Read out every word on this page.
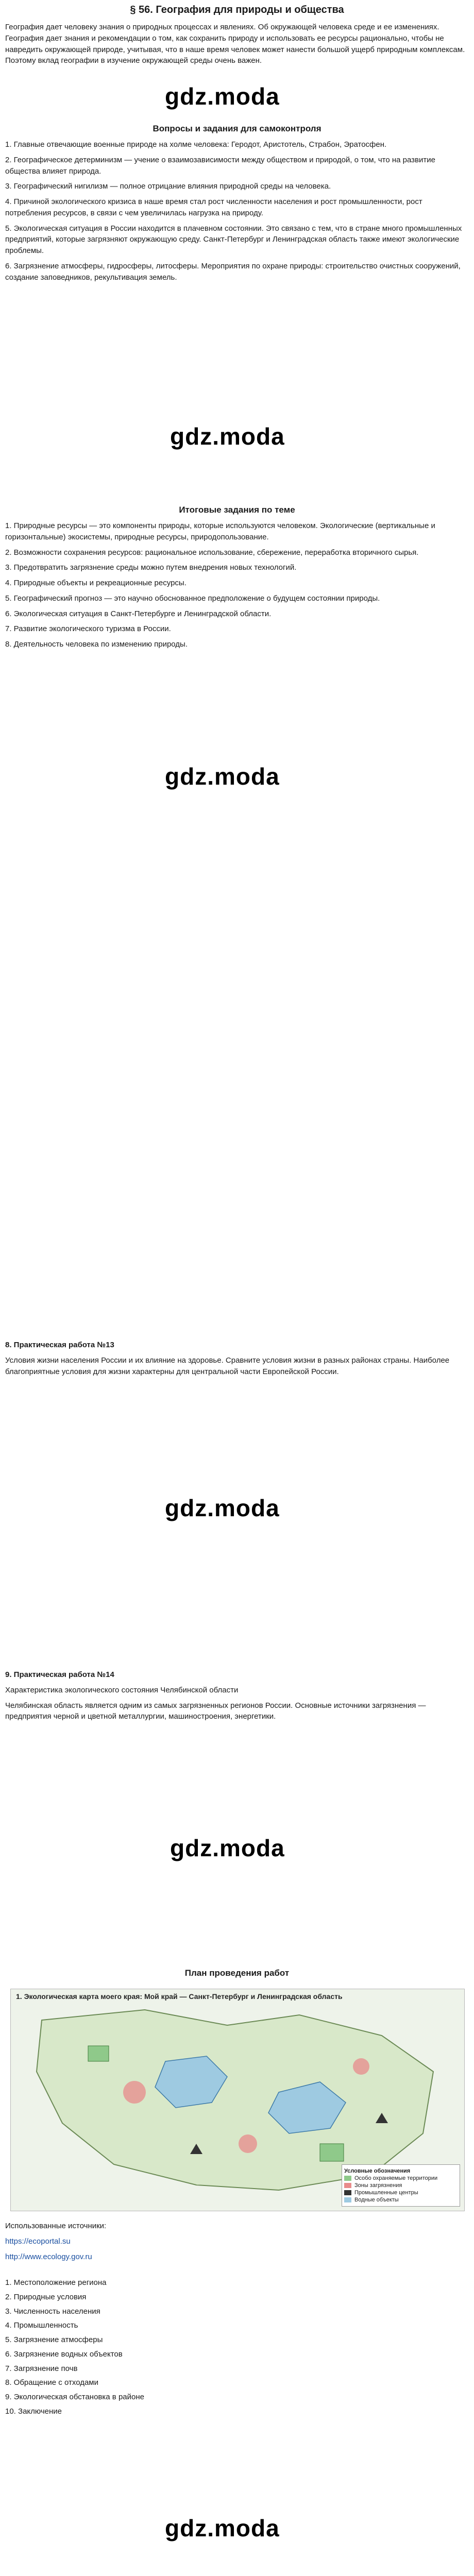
§ 56. География для природы и общества

География дает человеку знания о природных процессах и явлениях. Об окружающей человека среде и ее изменениях. География дает знания и рекомендации о том, как сохранить природу и использовать ее ресурсы рационально, чтобы не навредить окружающей природе, учитывая, что в наше время человек может нанести большой ущерб природным комплексам. Поэтому вклад географии в изучение окружающей среды очень важен.

gdz.moda
Вопросы и задания для самоконтроля

1. Главные отвечающие военные природе на холме человека: Геродот, Аристотель, Страбон, Эратосфен.

2. Географическое детерминизм — учение о взаимозависимости между обществом и природой, о том, что на развитие общества влияет природа.

3. Географический нигилизм — полное отрицание влияния природной среды на человека.

4. Причиной экологического кризиса в наше время стал рост численности населения и рост промышленности, рост потребления ресурсов, в связи с чем увеличилась нагрузка на природу.

5. Экологическая ситуация в России находится в плачевном состоянии. Это связано с тем, что в стране много промышленных предприятий, которые загрязняют окружающую среду. Санкт-Петербург и Ленинградская область также имеют экологические проблемы.

6. Загрязнение атмосферы, гидросферы, литосферы. Мероприятия по охране природы: строительство очистных сооружений, создание заповедников, рекультивация земель.

gdz.moda
Итоговые задания по теме

1. Природные ресурсы — это компоненты природы, которые используются человеком. Экологические (вертикальные и горизонтальные) экосистемы, природные ресурсы, природопользование.

2. Возможности сохранения ресурсов: рациональное использование, сбережение, переработка вторичного сырья.

3. Предотвратить загрязнение среды можно путем внедрения новых технологий.

4. Природные объекты и рекреационные ресурсы.

5. Географический прогноз — это научно обоснованное предположение о будущем состоянии природы.

6. Экологическая ситуация в Санкт-Петербурге и Ленинградской области.

7. Развитие экологического туризма в России.

8. Деятельность человека по изменению природы.

gdz.moda

8. Практическая работа №13

Условия жизни населения России и их влияние на здоровье. Сравните условия жизни в разных районах страны. Наиболее благоприятные условия для жизни характерны для центральной части Европейской России.

gdz.moda

9. Практическая работа №14

Характеристика экологического состояния Челябинской области

Челябинская область является одним из самых загрязненных регионов России. Основные источники загрязнения — предприятия черной и цветной металлургии, машиностроения, энергетики.

gdz.moda
План проведения работ
1. Экологическая карта моего края: Мой край — Санкт-Петербург и Ленинградская область
Условные обозначения
Особо охраняемые территории
Зоны загрязнения
Промышленные центры
Водные объекты

Использованные источники:

https://ecoportal.su

http://www.ecology.gov.ru

1. Местоположение региона

2. Природные условия

3. Численность населения

4. Промышленность

5. Загрязнение атмосферы

6. Загрязнение водных объектов

7. Загрязнение почв

8. Обращение с отходами

9. Экологическая обстановка в районе

10. Заключение

gdz.moda
